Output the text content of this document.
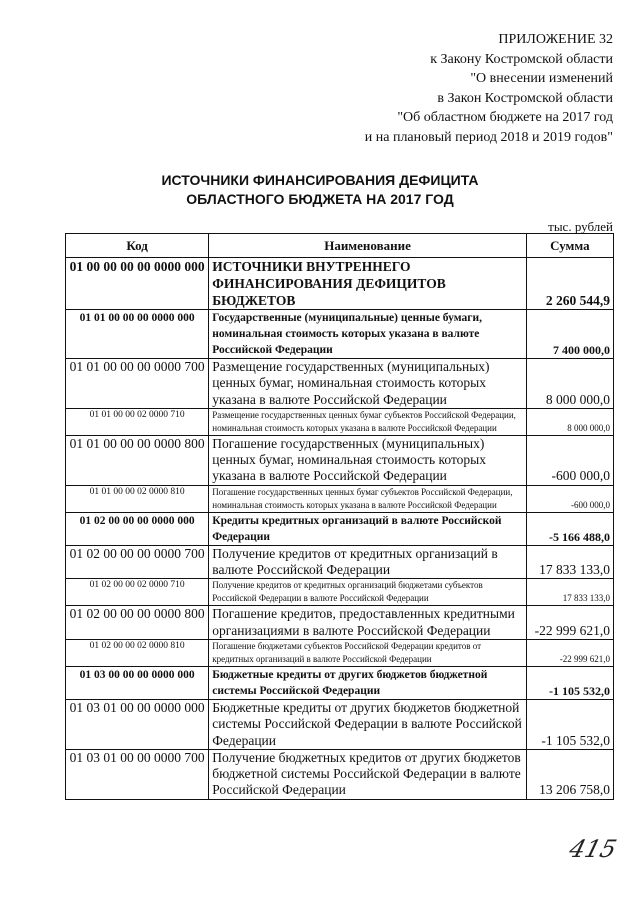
ПРИЛОЖЕНИЕ 32
к Закону Костромской области
"О внесении изменений
в Закон Костромской области
"Об областном бюджете на 2017 год
и на плановый период 2018 и 2019 годов"
ИСТОЧНИКИ ФИНАНСИРОВАНИЯ ДЕФИЦИТА
ОБЛАСТНОГО БЮДЖЕТА НА 2017 ГОД
тыс. рублей
Код	Наименование	Сумма
01 00 00 00 00 0000 000	ИСТОЧНИКИ ВНУТРЕННЕГО ФИНАНСИРОВАНИЯ ДЕФИЦИТОВ БЮДЖЕТОВ	2 260 544,9
01 01 00 00 00 0000 000	Государственные (муниципальные) ценные бумаги, номинальная стоимость которых указана в валюте Российской Федерации	7 400 000,0
01 01 00 00 00 0000 700	Размещение государственных (муниципальных) ценных бумаг, номинальная стоимость которых указана в валюте Российской Федерации	8 000 000,0
01 01 00 00 02 0000 710	Размещение государственных ценных бумаг субъектов Российской Федерации, номинальная стоимость которых указана в валюте Российской Федерации	8 000 000,0
01 01 00 00 00 0000 800	Погашение государственных (муниципальных) ценных бумаг, номинальная стоимость которых указана в валюте Российской Федерации	-600 000,0
01 01 00 00 02 0000 810	Погашение государственных ценных бумаг субъектов Российской Федерации, номинальная стоимость которых указана в валюте Российской Федерации	-600 000,0
01 02 00 00 00 0000 000	Кредиты кредитных организаций в валюте Российской Федерации	-5 166 488,0
01 02 00 00 00 0000 700	Получение кредитов от кредитных организаций в валюте Российской Федерации	17 833 133,0
01 02 00 00 02 0000 710	Получение кредитов от кредитных организаций бюджетами субъектов Российской Федерации в валюте Российской Федерации	17 833 133,0
01 02 00 00 00 0000 800	Погашение кредитов, предоставленных кредитными организациями в валюте Российской Федерации	-22 999 621,0
01 02 00 00 02 0000 810	Погашение бюджетами субъектов Российской Федерации кредитов от кредитных организаций в валюте Российской Федерации	-22 999 621,0
01 03 00 00 00 0000 000	Бюджетные кредиты от других бюджетов бюджетной системы Российской Федерации	-1 105 532,0
01 03 01 00 00 0000 000	Бюджетные кредиты от других бюджетов бюджетной системы Российской Федерации в валюте Российской Федерации	-1 105 532,0
01 03 01 00 00 0000 700	Получение бюджетных кредитов от других бюджетов бюджетной системы Российской Федерации в валюте Российской Федерации	13 206 758,0
415
